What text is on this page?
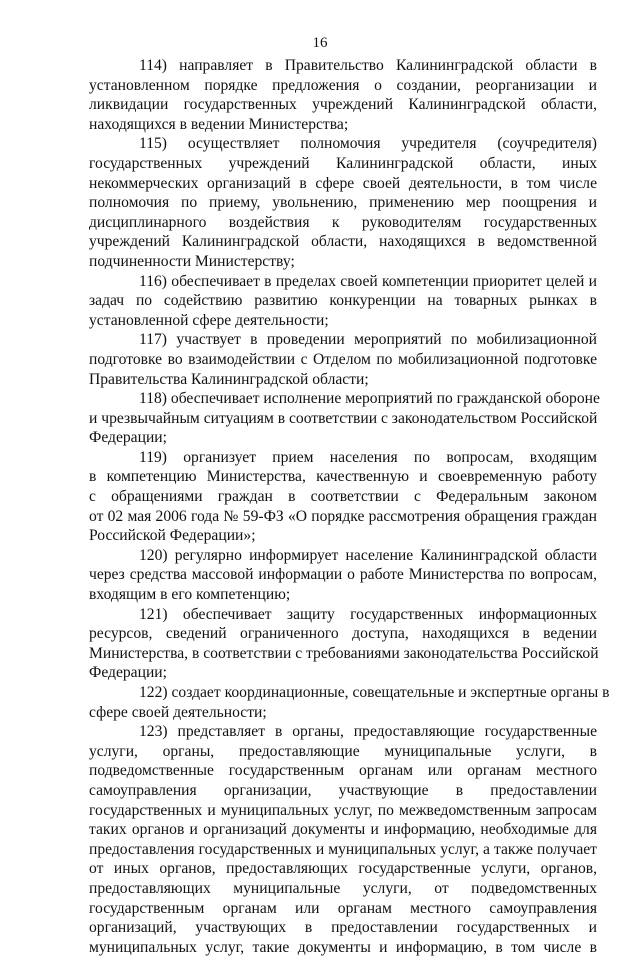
16
114) направляет в Правительство Калининградской области в
установленном порядке предложения о создании, реорганизации и
ликвидации государственных учреждений Калининградской области,
находящихся в ведении Министерства;
115) осуществляет полномочия учредителя (соучредителя)
государственных учреждений Калининградской области, иных
некоммерческих организаций в сфере своей деятельности, в том числе
полномочия по приему, увольнению, применению мер поощрения и
дисциплинарного воздействия к руководителям государственных
учреждений Калининградской области, находящихся в ведомственной
подчиненности Министерству;
116) обеспечивает в пределах своей компетенции приоритет целей и
задач по содействию развитию конкуренции на товарных рынках в
установленной сфере деятельности;
117) участвует в проведении мероприятий по мобилизационной
подготовке во взаимодействии с Отделом по мобилизационной подготовке
Правительства Калининградской области;
118) обеспечивает исполнение мероприятий по гражданской обороне
и чрезвычайным ситуациям в соответствии с законодательством Российской
Федерации;
119) организует прием населения по вопросам, входящим
в компетенцию Министерства, качественную и своевременную работу
с обращениями граждан в соответствии с Федеральным законом
от 02 мая 2006 года № 59-ФЗ «О порядке рассмотрения обращения граждан
Российской Федерации»;
120) регулярно информирует население Калининградской области
через средства массовой информации о работе Министерства по вопросам,
входящим в его компетенцию;
121) обеспечивает защиту государственных информационных
ресурсов, сведений ограниченного доступа, находящихся в ведении
Министерства, в соответствии с требованиями законодательства Российской
Федерации;
122) создает координационные, совещательные и экспертные органы в
сфере своей деятельности;
123) представляет в органы, предоставляющие государственные
услуги, органы, предоставляющие муниципальные услуги, в
подведомственные государственным органам или органам местного
самоуправления организации, участвующие в предоставлении
государственных и муниципальных услуг, по межведомственным запросам
таких органов и организаций документы и информацию, необходимые для
предоставления государственных и муниципальных услуг, а также получает
от иных органов, предоставляющих государственные услуги, органов,
предоставляющих муниципальные услуги, от подведомственных
государственным органам или органам местного самоуправления
организаций, участвующих в предоставлении государственных и
муниципальных услуг, такие документы и информацию, в том числе в
